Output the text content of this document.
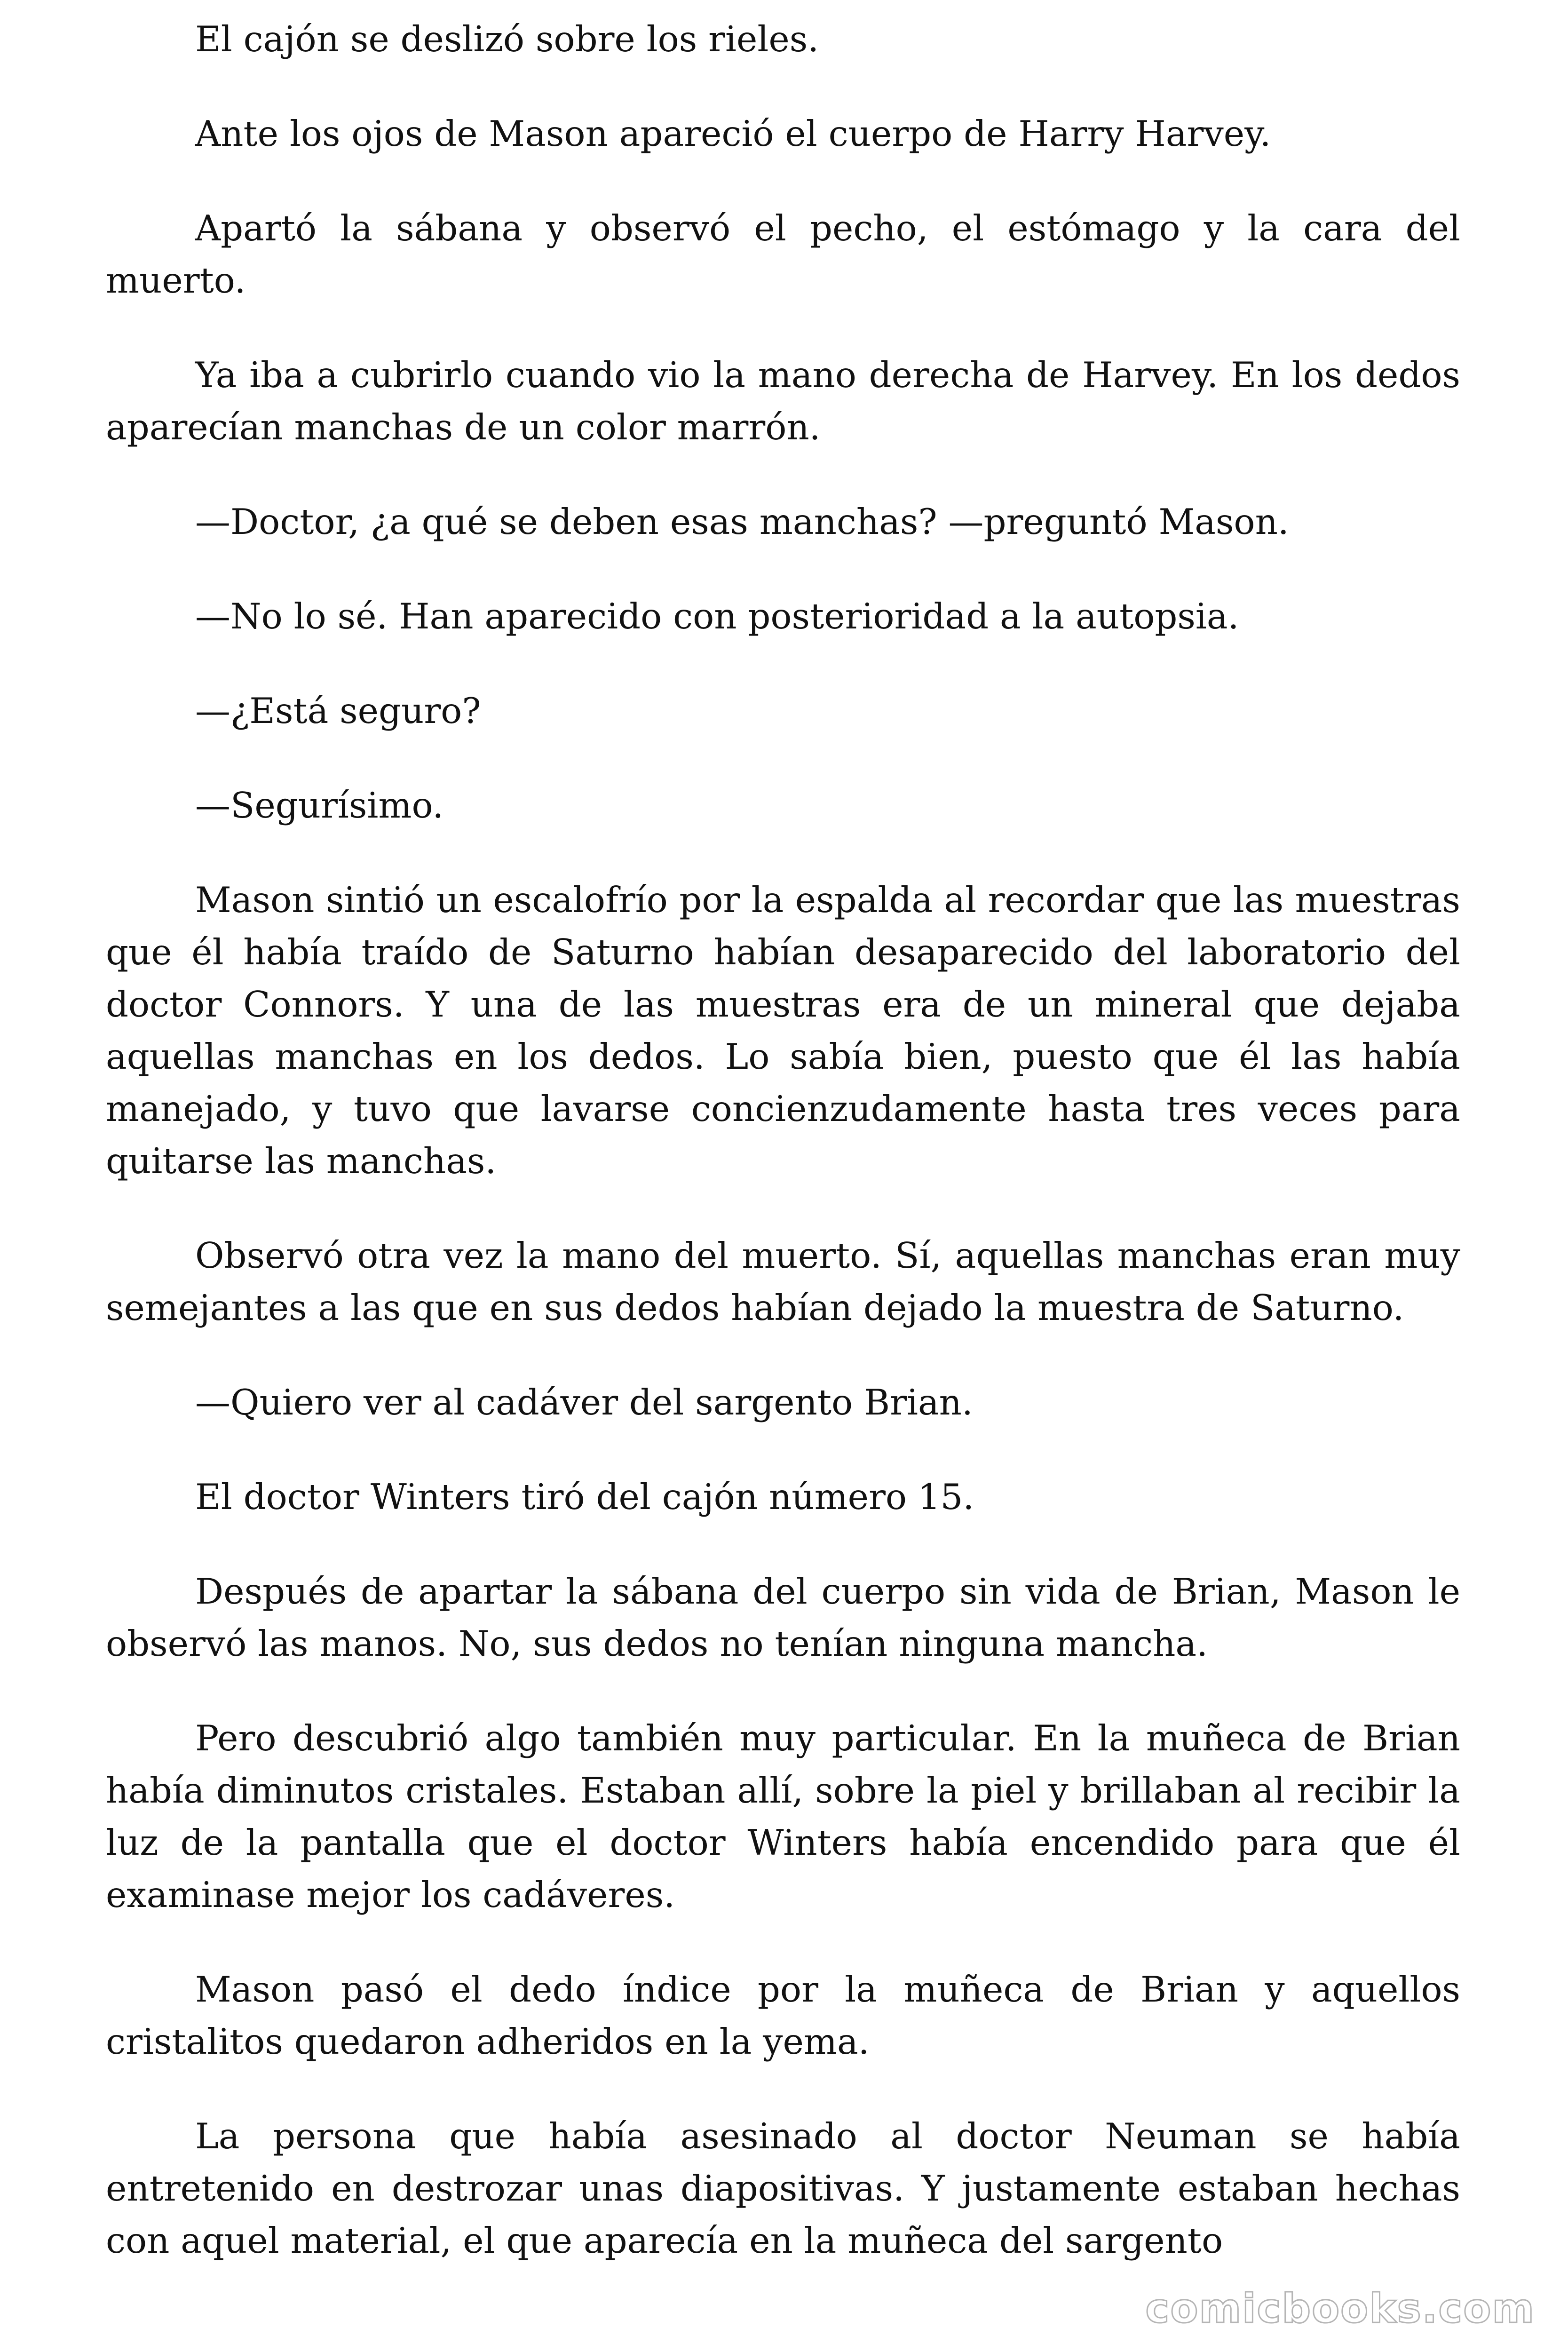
El cajón se deslizó sobre los rieles.

Ante los ojos de Mason apareció el cuerpo de Harry Harvey.

Apartó la sábana y observó el pecho, el estómago y la cara del muerto.

Ya iba a cubrirlo cuando vio la mano derecha de Harvey. En los dedos aparecían manchas de un color marrón.

—Doctor, ¿a qué se deben esas manchas? —preguntó Mason.

—No lo sé. Han aparecido con posterioridad a la autopsia.

—¿Está seguro?

—Segurísimo.

Mason sintió un escalofrío por la espalda al recordar que las muestras que él había traído de Saturno habían desaparecido del laboratorio del doctor Connors. Y una de las muestras era de un mineral que dejaba aquellas manchas en los dedos. Lo sabía bien, puesto que él las había manejado, y tuvo que lavarse concienzudamente hasta tres veces para quitarse las manchas.

Observó otra vez la mano del muerto. Sí, aquellas manchas eran muy semejantes a las que en sus dedos habían dejado la muestra de Saturno.

—Quiero ver al cadáver del sargento Brian.

El doctor Winters tiró del cajón número 15.

Después de apartar la sábana del cuerpo sin vida de Brian, Mason le observó las manos. No, sus dedos no tenían ninguna mancha.

Pero descubrió algo también muy particular. En la muñeca de Brian había diminutos cristales. Estaban allí, sobre la piel y brillaban al recibir la luz de la pantalla que el doctor Winters había encendido para que él examinase mejor los cadáveres.

Mason pasó el dedo índice por la muñeca de Brian y aquellos cristalitos quedaron adheridos en la yema.

La persona que había asesinado al doctor Neuman se había entretenido en destrozar unas diapositivas. Y justamente estaban hechas con aquel material, el que aparecía en la muñeca del sargento

comicbooks.com
